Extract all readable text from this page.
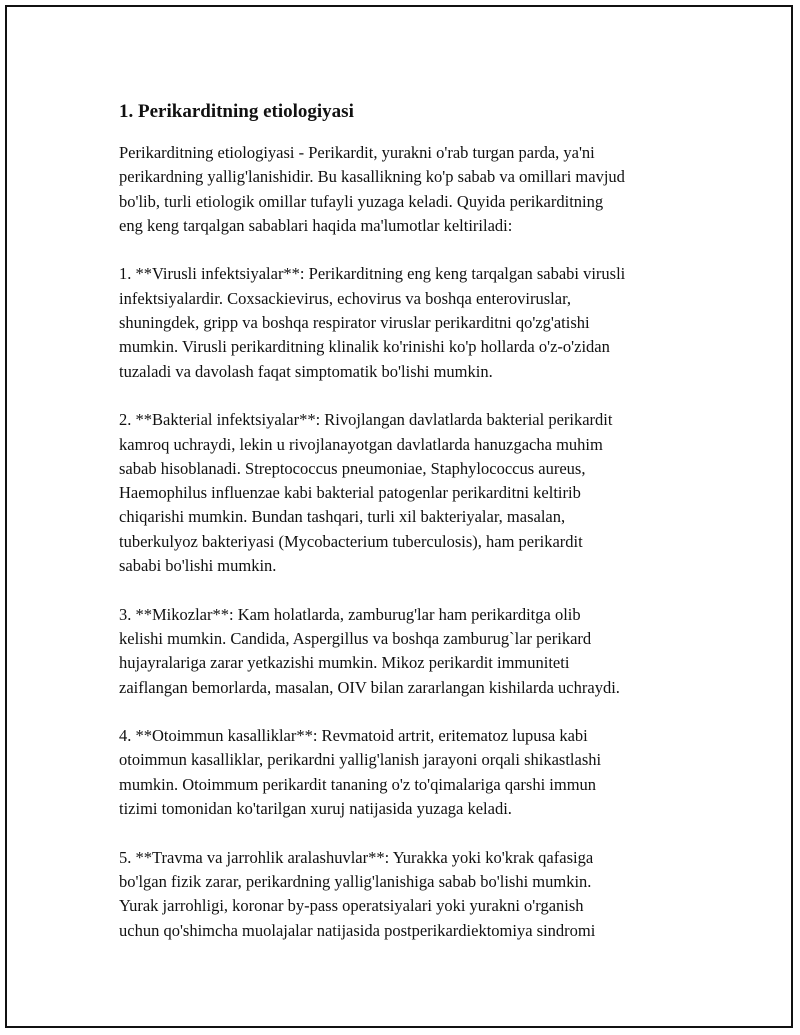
1. Perikarditning etiologiyasi

Perikarditning etiologiyasi - Perikardit, yurakni o'rab turgan parda, ya'ni
perikardning yallig'lanishidir. Bu kasallikning ko'p sabab va omillari mavjud
bo'lib, turli etiologik omillar tufayli yuzaga keladi. Quyida perikarditning
eng keng tarqalgan sabablari haqida ma'lumotlar keltiriladi:

1. **Virusli infektsiyalar**: Perikarditning eng keng tarqalgan sababi virusli
infektsiyalardir. Coxsackievirus, echovirus va boshqa enteroviruslar,
shuningdek, gripp va boshqa respirator viruslar perikarditni qo'zg'atishi
mumkin. Virusli perikarditning klinalik ko'rinishi ko'p hollarda o'z-o'zidan
tuzaladi va davolash faqat simptomatik bo'lishi mumkin.

2. **Bakterial infektsiyalar**: Rivojlangan davlatlarda bakterial perikardit
kamroq uchraydi, lekin u rivojlanayotgan davlatlarda hanuzgacha muhim
sabab hisoblanadi. Streptococcus pneumoniae, Staphylococcus aureus,
Haemophilus influenzae kabi bakterial patogenlar perikarditni keltirib
chiqarishi mumkin. Bundan tashqari, turli xil bakteriyalar, masalan,
tuberkulyoz bakteriyasi (Mycobacterium tuberculosis), ham perikardit
sababi bo'lishi mumkin.

3. **Mikozlar**: Kam holatlarda, zamburug'lar ham perikarditga olib
kelishi mumkin. Candida, Aspergillus va boshqa zamburug`lar perikard
hujayralariga zarar yetkazishi mumkin. Mikoz perikardit immuniteti
zaiflangan bemorlarda, masalan, OIV bilan zararlangan kishilarda uchraydi.

4. **Otoimmun kasalliklar**: Revmatoid artrit, eritematoz lupusa kabi
otoimmun kasalliklar, perikardni yallig'lanish jarayoni orqali shikastlashi
mumkin. Otoimmum perikardit tananing o'z to'qimalariga qarshi immun
tizimi tomonidan ko'tarilgan xuruj natijasida yuzaga keladi.

5. **Travma va jarrohlik aralashuvlar**: Yurakka yoki ko'krak qafasiga
bo'lgan fizik zarar, perikardning yallig'lanishiga sabab bo'lishi mumkin.
Yurak jarrohligi, koronar by-pass operatsiyalari yoki yurakni o'rganish
uchun qo'shimcha muolajalar natijasida postperikardiektomiya sindromi
